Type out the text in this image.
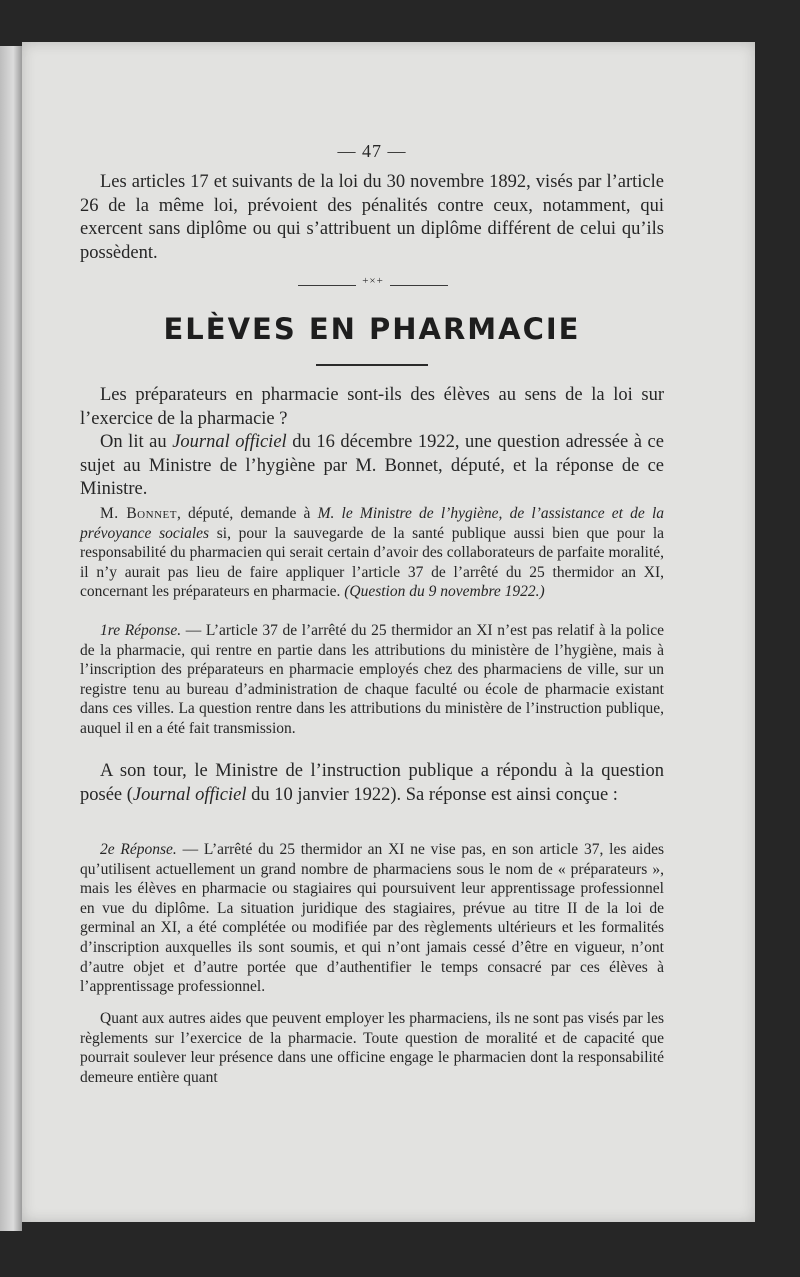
— 47 —

Les articles 17 et suivants de la loi du 30 novembre 1892, visés par l’article 26 de la même loi, prévoient des pénalités contre ceux, notamment, qui exercent sans diplôme ou qui s’attribuent un diplôme différent de celui qu’ils possèdent.

+×+
ELÈVES EN PHARMACIE

Les préparateurs en pharmacie sont-ils des élèves au sens de la loi sur l’exercice de la pharmacie ?

On lit au Journal officiel du 16 décembre 1922, une question adressée à ce sujet au Ministre de l’hygiène par M. Bonnet, député, et la réponse de ce Ministre.

M. Bonnet, député, demande à M. le Ministre de l’hygiène, de l’assistance et de la prévoyance sociales si, pour la sauvegarde de la santé publique aussi bien que pour la responsabilité du pharmacien qui serait certain d’avoir des collaborateurs de parfaite moralité, il n’y aurait pas lieu de faire appliquer l’article 37 de l’arrêté du 25 thermidor an XI, concernant les préparateurs en pharmacie. (Question du 9 novembre 1922.)

1re Réponse. — L’article 37 de l’arrêté du 25 thermidor an XI n’est pas relatif à la police de la pharmacie, qui rentre en partie dans les attributions du ministère de l’hygiène, mais à l’inscription des préparateurs en pharmacie employés chez des pharmaciens de ville, sur un registre tenu au bureau d’administration de chaque faculté ou école de pharmacie existant dans ces villes. La question rentre dans les attributions du ministère de l’instruction publique, auquel il en a été fait transmission.

A son tour, le Ministre de l’instruction publique a répondu à la question posée (Journal officiel du 10 janvier 1922). Sa réponse est ainsi conçue :

2e Réponse. — L’arrêté du 25 thermidor an XI ne vise pas, en son article 37, les aides qu’utilisent actuellement un grand nombre de pharmaciens sous le nom de « préparateurs », mais les élèves en pharmacie ou stagiaires qui poursuivent leur apprentissage professionnel en vue du diplôme. La situation juridique des stagiaires, prévue au titre II de la loi de germinal an XI, a été complétée ou modifiée par des règlements ultérieurs et les formalités d’inscription auxquelles ils sont soumis, et qui n’ont jamais cessé d’être en vigueur, n’ont d’autre objet et d’autre portée que d’authentifier le temps consacré par ces élèves à l’apprentissage professionnel.

Quant aux autres aides que peuvent employer les pharmaciens, ils ne sont pas visés par les règlements sur l’exercice de la pharmacie. Toute question de moralité et de capacité que pourrait soulever leur présence dans une officine engage le pharmacien dont la responsabilité demeure entière quant
